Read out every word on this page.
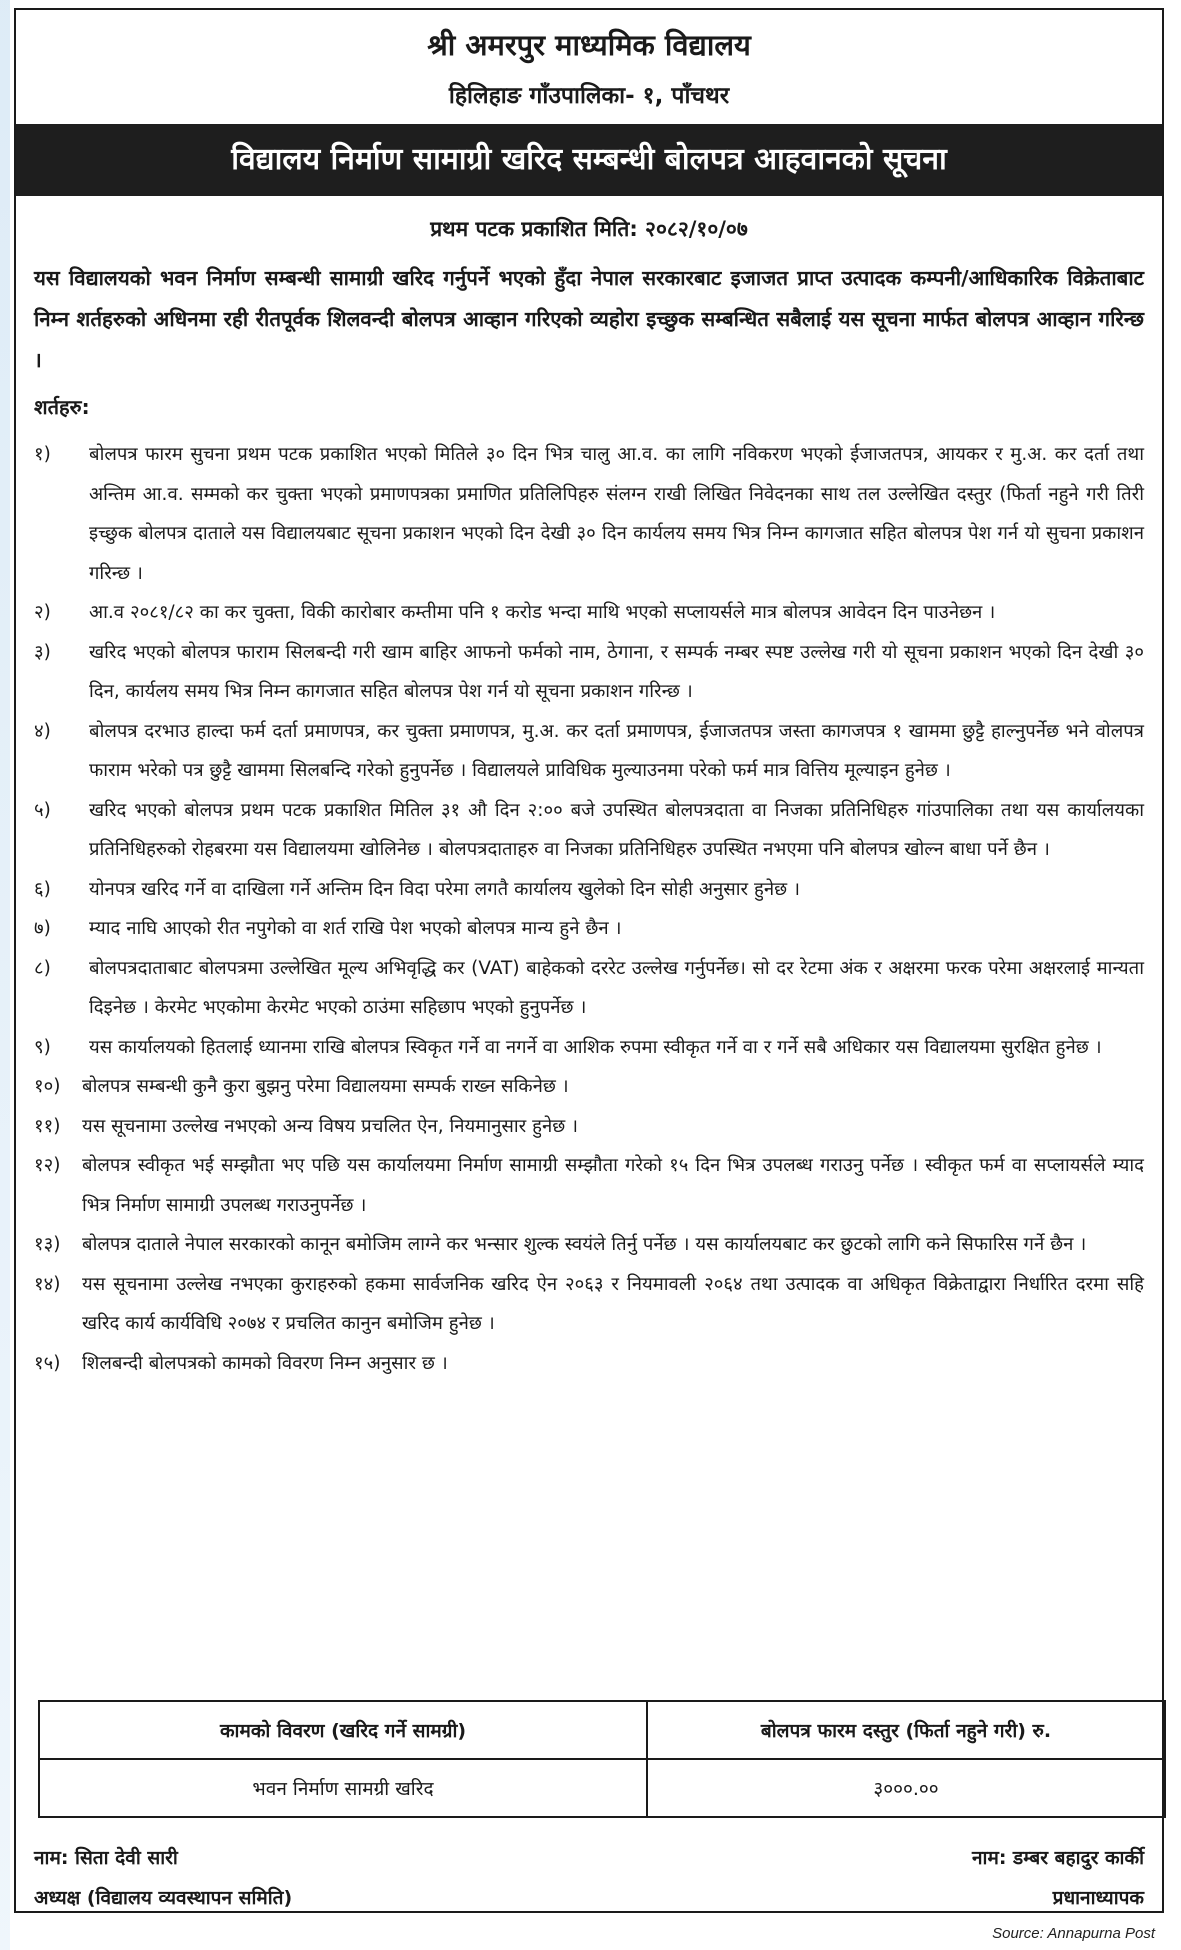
श्री अमरपुर माध्यमिक विद्यालय
हिलिहाङ गाँउपालिका- १, पाँचथर
विद्यालय निर्माण सामाग्री खरिद सम्बन्धी बोलपत्र आहवानको सूचना
प्रथम पटक प्रकाशित मिति: २०८२/१०/०७
यस विद्यालयको भवन निर्माण सम्बन्धी सामाग्री खरिद गर्नुपर्ने भएको हुँदा नेपाल सरकारबाट इजाजत प्राप्त उत्पादक कम्पनी/आधिकारिक विक्रेताबाट निम्न शर्तहरुको अधिनमा रही रीतपूर्वक शिलवन्दी बोलपत्र आव्हान गरिएको व्यहोरा इच्छुक सम्बन्धित सबैलाई यस सूचना मार्फत बोलपत्र आव्हान गरिन्छ ।
शर्तहरु:
१)	बोलपत्र फारम सुचना प्रथम पटक प्रकाशित भएको मितिले ३० दिन भित्र चालु आ.व. का लागि नविकरण भएको ईजाजतपत्र, आयकर र मु.अ. कर दर्ता तथा अन्तिम आ.व. सम्मको कर चुक्ता भएको प्रमाणपत्रका प्रमाणित प्रतिलिपिहरु संलग्न राखी लिखित निवेदनका साथ तल उल्लेखित दस्तुर (फिर्ता नहुने गरी तिरी इच्छुक बोलपत्र दाताले यस विद्यालयबाट सूचना प्रकाशन भएको दिन देखी ३० दिन कार्यलय समय भित्र निम्न कागजात सहित बोलपत्र पेश गर्न यो सुचना प्रकाशन गरिन्छ ।
२)	आ.व २०८१/८२ का कर चुक्ता, विकी कारोबार कम्तीमा पनि १ करोड भन्दा माथि भएको सप्लायर्सले मात्र बोलपत्र आवेदन दिन पाउनेछन ।
३)	खरिद भएको बोलपत्र फाराम सिलबन्दी गरी खाम बाहिर आफनो फर्मको नाम, ठेगाना, र सम्पर्क नम्बर स्पष्ट उल्लेख गरी यो सूचना प्रकाशन भएको दिन देखी ३० दिन, कार्यलय समय भित्र निम्न कागजात सहित बोलपत्र पेश गर्न यो सूचना प्रकाशन गरिन्छ ।
४)	बोलपत्र दरभाउ हाल्दा फर्म दर्ता प्रमाणपत्र, कर चुक्ता प्रमाणपत्र, मु.अ. कर दर्ता प्रमाणपत्र, ईजाजतपत्र जस्ता कागजपत्र १ खाममा छुट्टै हाल्नुपर्नेछ भने वोलपत्र फाराम भरेको पत्र छुट्टै खाममा सिलबन्दि गरेको हुनुपर्नेछ । विद्यालयले प्राविधिक मुल्याउनमा परेको फर्म मात्र वित्तिय मूल्याइन हुनेछ ।
५)	खरिद भएको बोलपत्र प्रथम पटक प्रकाशित मितिल ३१ औ दिन २:०० बजे उपस्थित बोलपत्रदाता वा निजका प्रतिनिधिहरु गांउपालिका तथा यस कार्यालयका प्रतिनिधिहरुको रोहबरमा यस विद्यालयमा खोलिनेछ । बोलपत्रदाताहरु वा निजका प्रतिनिधिहरु उपस्थित नभएमा पनि बोलपत्र खोल्न बाधा पर्ने छैन ।
६)	योनपत्र खरिद गर्ने वा दाखिला गर्ने अन्तिम दिन विदा परेमा लगतै कार्यालय खुलेको दिन सोही अनुसार हुनेछ ।
७)	म्याद नाघि आएको रीत नपुगेको वा शर्त राखि पेश भएको बोलपत्र मान्य हुने छैन ।
८)	बोलपत्रदाताबाट बोलपत्रमा उल्लेखित मूल्य अभिवृद्धि कर (VAT) बाहेकको दररेट उल्लेख गर्नुपर्नेछ। सो दर रेटमा अंक र अक्षरमा फरक परेमा अक्षरलाई मान्यता दिइनेछ । केरमेट भएकोमा केरमेट भएको ठाउंमा सहिछाप भएको हुनुपर्नेछ ।
९)	यस कार्यालयको हितलाई ध्यानमा राखि बोलपत्र स्विकृत गर्ने वा नगर्ने वा आशिक रुपमा स्वीकृत गर्ने वा र गर्ने सबै अधिकार यस विद्यालयमा सुरक्षित हुनेछ ।
१०)	बोलपत्र सम्बन्धी कुनै कुरा बुझनु परेमा विद्यालयमा सम्पर्क राख्न सकिनेछ ।
११)	यस सूचनामा उल्लेख नभएको अन्य विषय प्रचलित ऐन, नियमानुसार हुनेछ ।
१२)	बोलपत्र स्वीकृत भई सम्झौता भए पछि यस कार्यालयमा निर्माण सामाग्री सम्झौता गरेको १५ दिन भित्र उपलब्ध गराउनु पर्नेछ । स्वीकृत फर्म वा सप्लायर्सले म्याद भित्र निर्माण सामाग्री उपलब्ध गराउनुपर्नेछ ।
१३)	बोलपत्र दाताले नेपाल सरकारको कानून बमोजिम लाग्ने कर भन्सार शुल्क स्वयंले तिर्नु पर्नेछ । यस कार्यालयबाट कर छुटको लागि कने सिफारिस गर्ने छैन ।
१४)	यस सूचनामा उल्लेख नभएका कुराहरुको हकमा सार्वजनिक खरिद ऐन २०६३ र नियमावली २०६४ तथा उत्पादक वा अधिकृत विक्रेताद्वारा निर्धारित दरमा सहि खरिद कार्य कार्यविधि २०७४ र प्रचलित कानुन बमोजिम हुनेछ ।
१५)	शिलबन्दी बोलपत्रको कामको विवरण निम्न अनुसार छ ।
कामको विवरण (खरिद गर्ने सामग्री)	बोलपत्र फारम दस्तुर (फिर्ता नहुने गरी) रु.
भवन निर्माण सामग्री खरिद	३०००.००
नाम: सिता देवी सारी
अध्यक्ष (विद्यालय व्यवस्थापन समिति)
नाम: डम्बर बहादुर कार्की
प्रधानाध्यापक
Source: Annapurna Post
